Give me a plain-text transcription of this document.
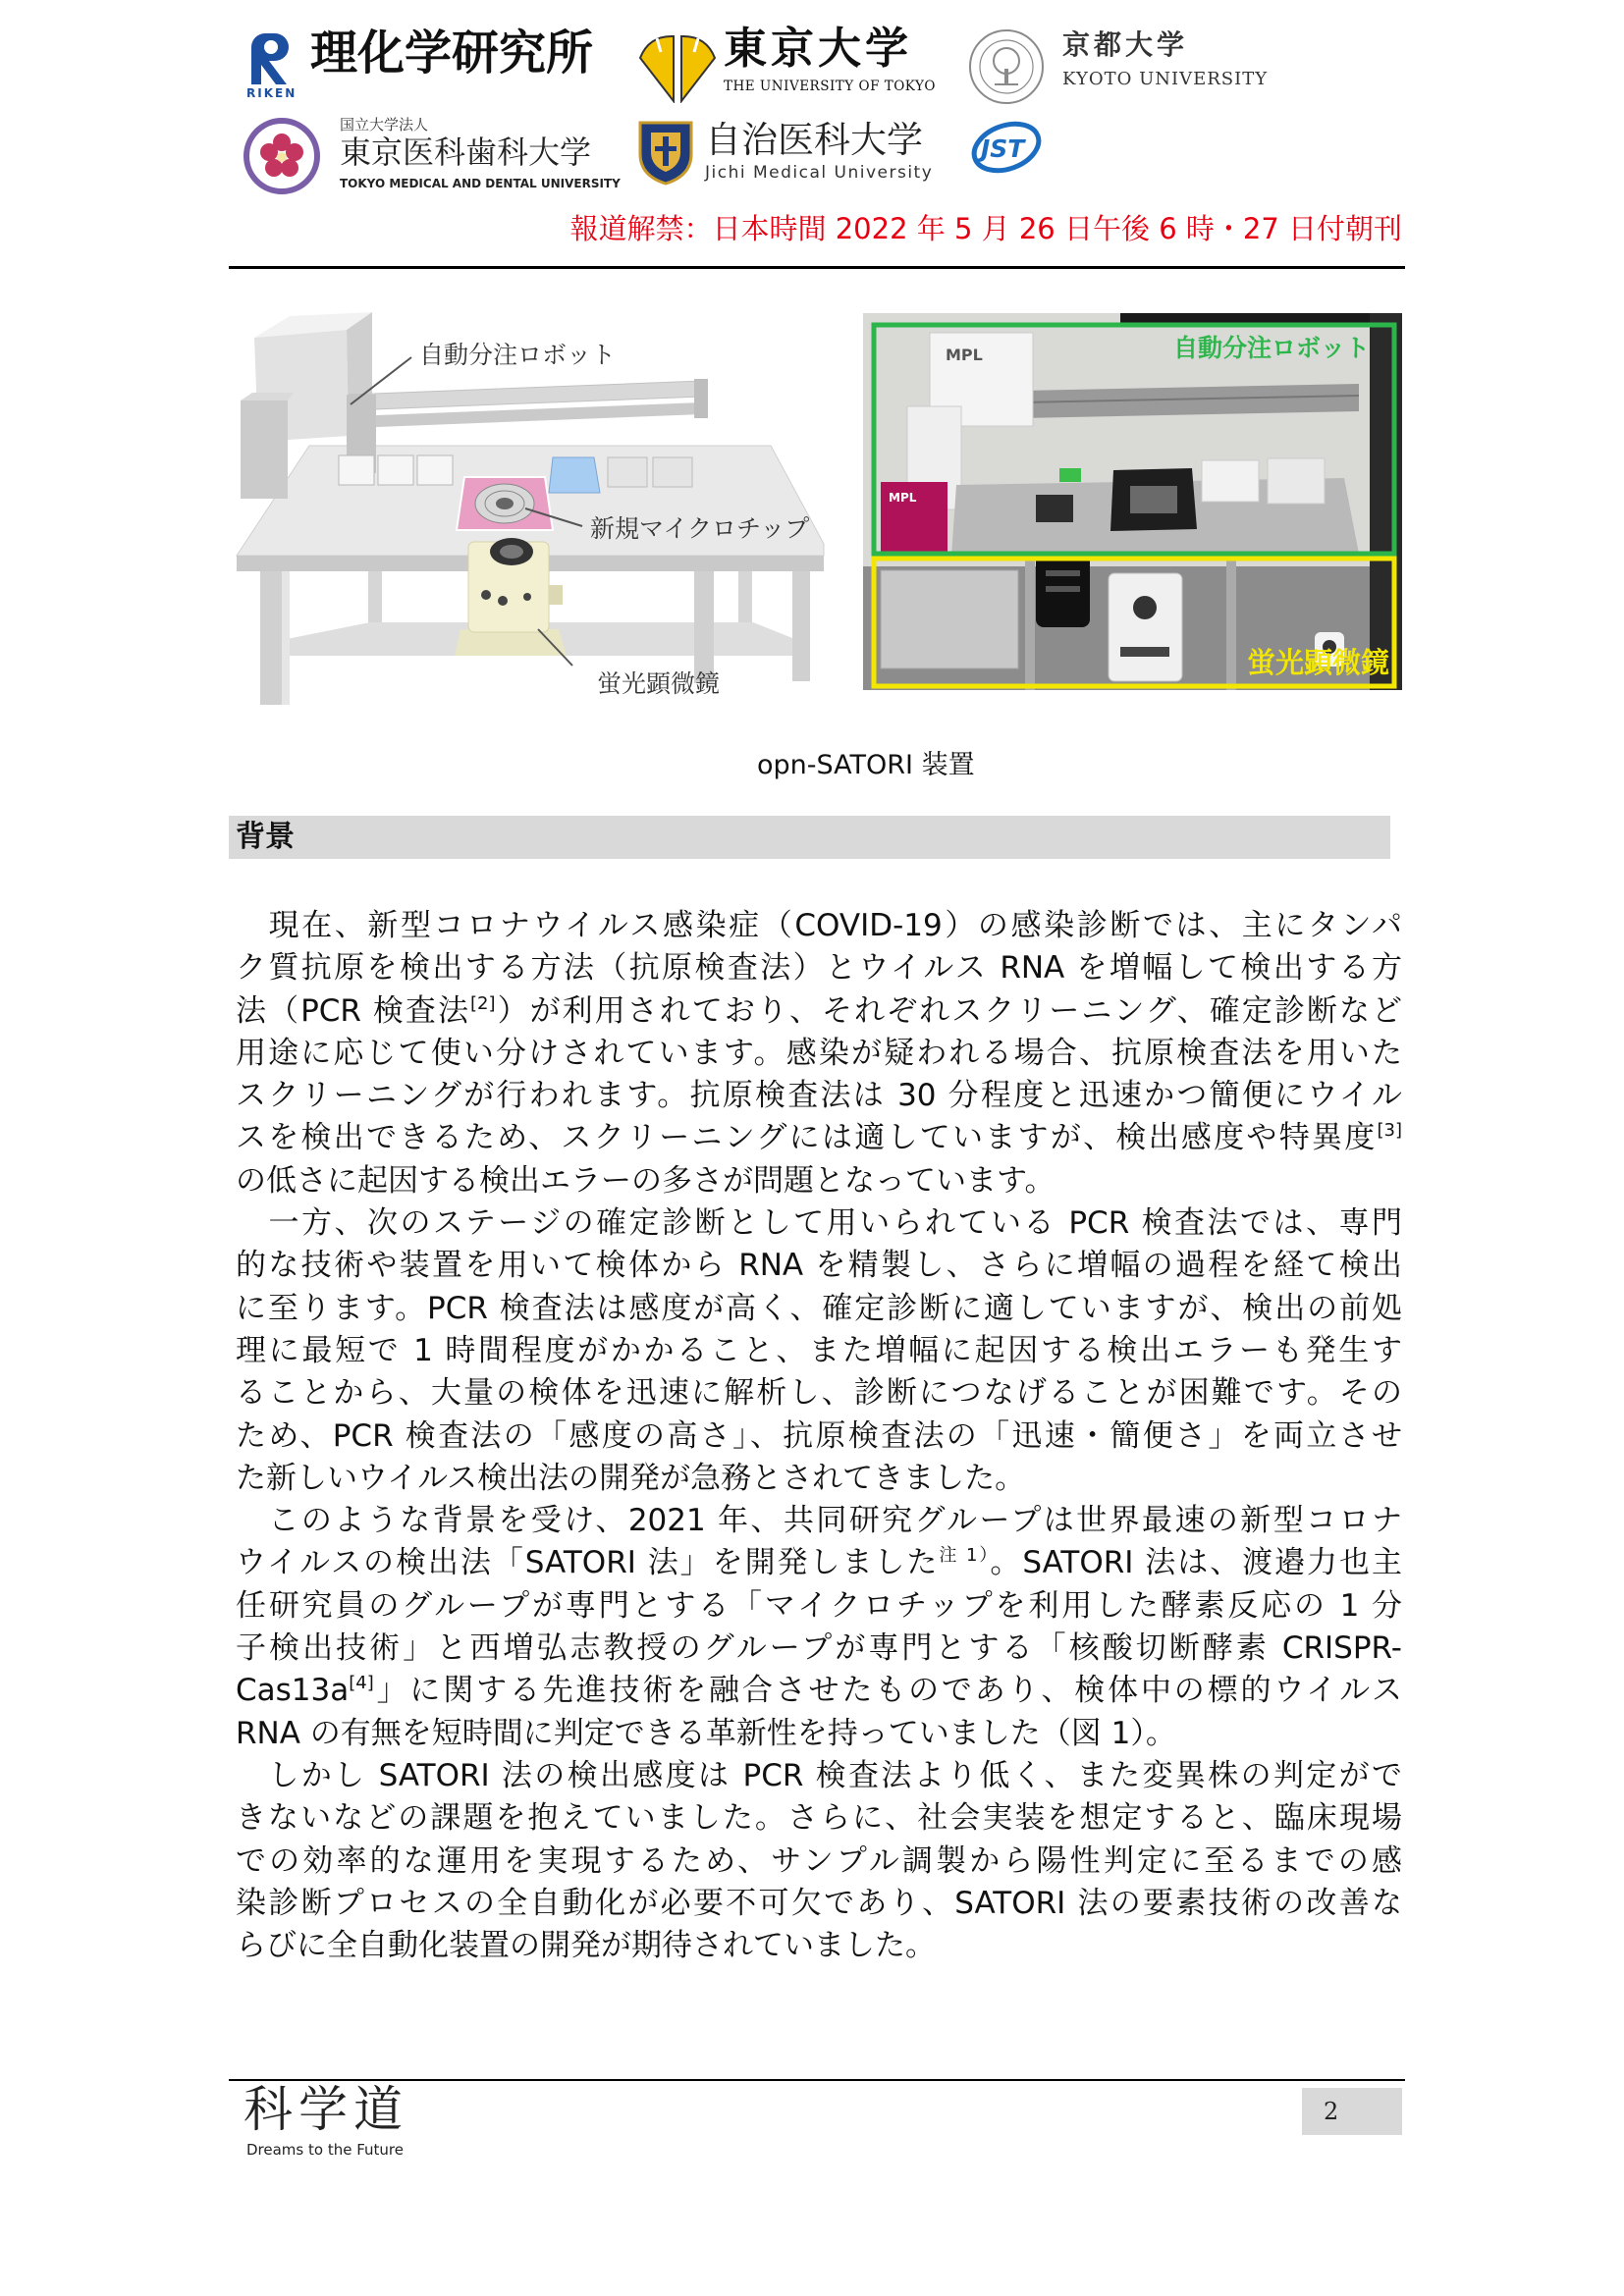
RIKEN
理化学研究所	東京大学
THE UNIVERSITY OF TOKYO
京都大学
KYOTO UNIVERSITY
国立大学法人
東京医科歯科大学
TOKYO MEDICAL AND DENTAL UNIVERSITY
自治医科大学
Jichi Medical University
JST
報道解禁：日本時間 2022 年 5 月 26 日午後 6 時・27 日付朝刊
自動分注ロボット
新規マイクロチップ
蛍光顕微鏡
MPL
MPL
自動分注ロボット
蛍光顕微鏡
opn-SATORI 装置
背景
　現在、新型コロナウイルス感染症（COVID-19）の感染診断では、主にタンパ
ク質抗原を検出する方法（抗原検査法）とウイルス RNA を増幅して検出する方
法（PCR 検査法[2]）が利用されており、それぞれスクリーニング、確定診断など
用途に応じて使い分けされています。感染が疑われる場合、抗原検査法を用いた
スクリーニングが行われます。抗原検査法は 30 分程度と迅速かつ簡便にウイル
スを検出できるため、スクリーニングには適していますが、検出感度や特異度[3]
の低さに起因する検出エラーの多さが問題となっています。
　一方、次のステージの確定診断として用いられている PCR 検査法では、専門
的な技術や装置を用いて検体から RNA を精製し、さらに増幅の過程を経て検出
に至ります。PCR 検査法は感度が高く、確定診断に適していますが、検出の前処
理に最短で 1 時間程度がかかること、また増幅に起因する検出エラーも発生す
ることから、大量の検体を迅速に解析し、診断につなげることが困難です。その
ため、PCR 検査法の「感度の高さ」、抗原検査法の「迅速・簡便さ」を両立させ
た新しいウイルス検出法の開発が急務とされてきました。
　このような背景を受け、2021 年、共同研究グループは世界最速の新型コロナ
ウイルスの検出法「SATORI 法」を開発しました$^{注 1)}$。SATORI 法は、渡邉力也主
任研究員のグループが専門とする「マイクロチップを利用した酵素反応の 1 分
子検出技術」と西増弘志教授のグループが専門とする「核酸切断酵素 CRISPR-
Cas13a[4]」に関する先進技術を融合させたものであり、検体中の標的ウイルス
RNA の有無を短時間に判定できる革新性を持っていました（図 1）。
　しかし SATORI 法の検出感度は PCR 検査法より低く、また変異株の判定がで
きないなどの課題を抱えていました。さらに、社会実装を想定すると、臨床現場
での効率的な運用を実現するため、サンプル調製から陽性判定に至るまでの感
染診断プロセスの全自動化が必要不可欠であり、SATORI 法の要素技術の改善な
らびに全自動化装置の開発が期待されていました。
科学道
Dreams to the Future
2
